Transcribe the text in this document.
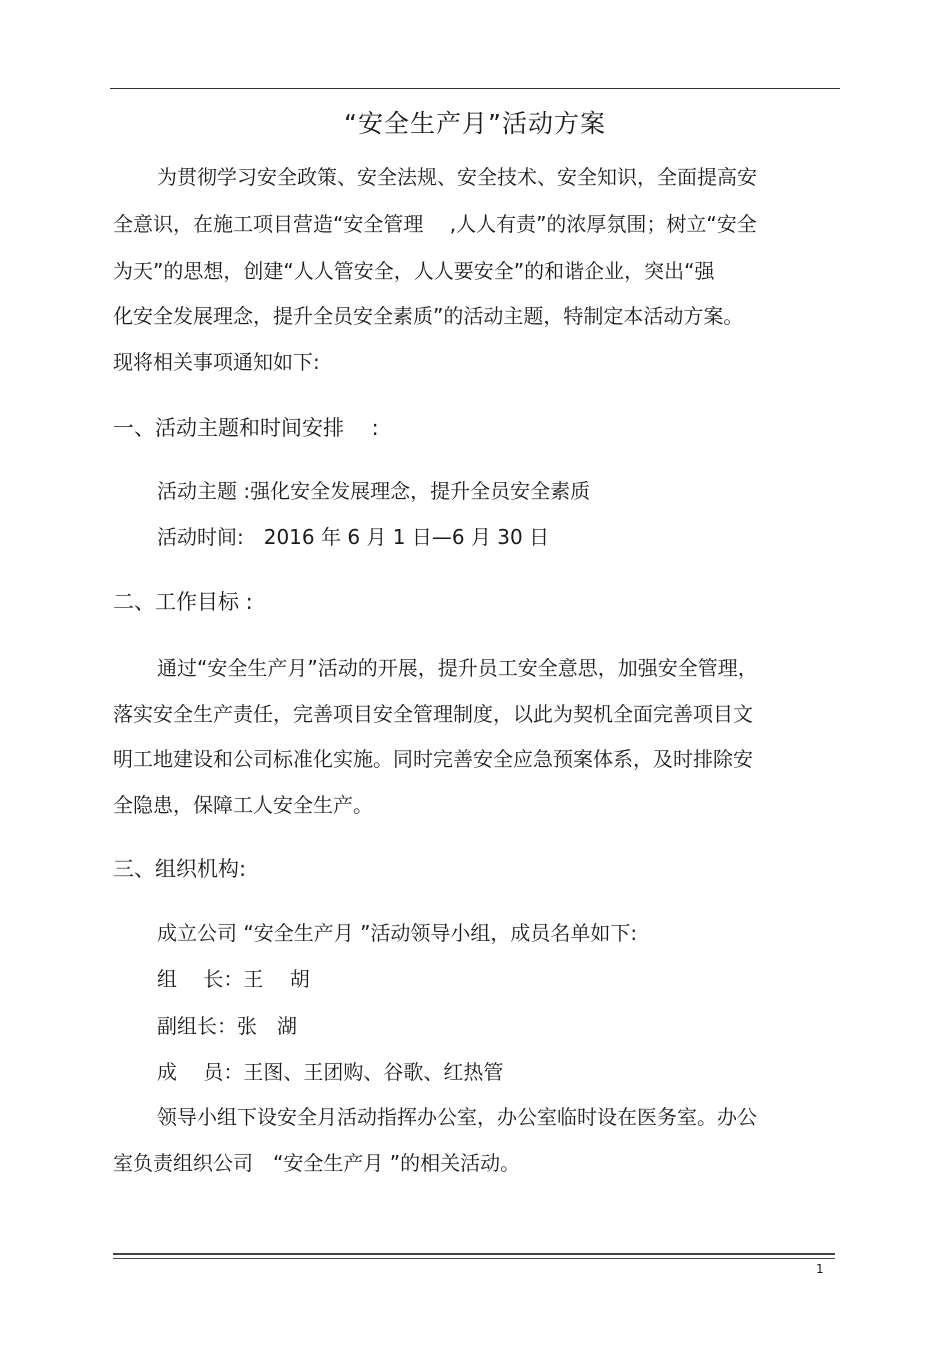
“安全生产月”活动方案
为贯彻学习安全政策、安全法规、安全技术、安全知识，全面提高安
全意识，在施工项目营造“安全管理　 ,人人有责”的浓厚氛围；树立“安全
为天”的思想，创建“人人管安全，人人要安全”的和谐企业，突出“强
化安全发展理念，提升全员安全素质”的活动主题，特制定本活动方案。
现将相关事项通知如下:
一、活动主题和时间安排　 :
活动主题 :强化安全发展理念，提升全员安全素质
活动时间:　2016 年 6 月 1 日—6 月 30 日
二、工作目标 :
通过“安全生产月”活动的开展，提升员工安全意思，加强安全管理，
落实安全生产责任，完善项目安全管理制度，以此为契机全面完善项目文
明工地建设和公司标准化实施。同时完善安全应急预案体系，及时排除安
全隐患，保障工人安全生产。
三、组织机构:
成立公司 “安全生产月 ”活动领导小组，成员名单如下:
组　 长：王　 胡
副组长：张　湖
成　 员：王图、王团购、谷歌、红热管
领导小组下设安全月活动指挥办公室，办公室临时设在医务室。办公
室负责组织公司　“安全生产月 ”的相关活动。
1
